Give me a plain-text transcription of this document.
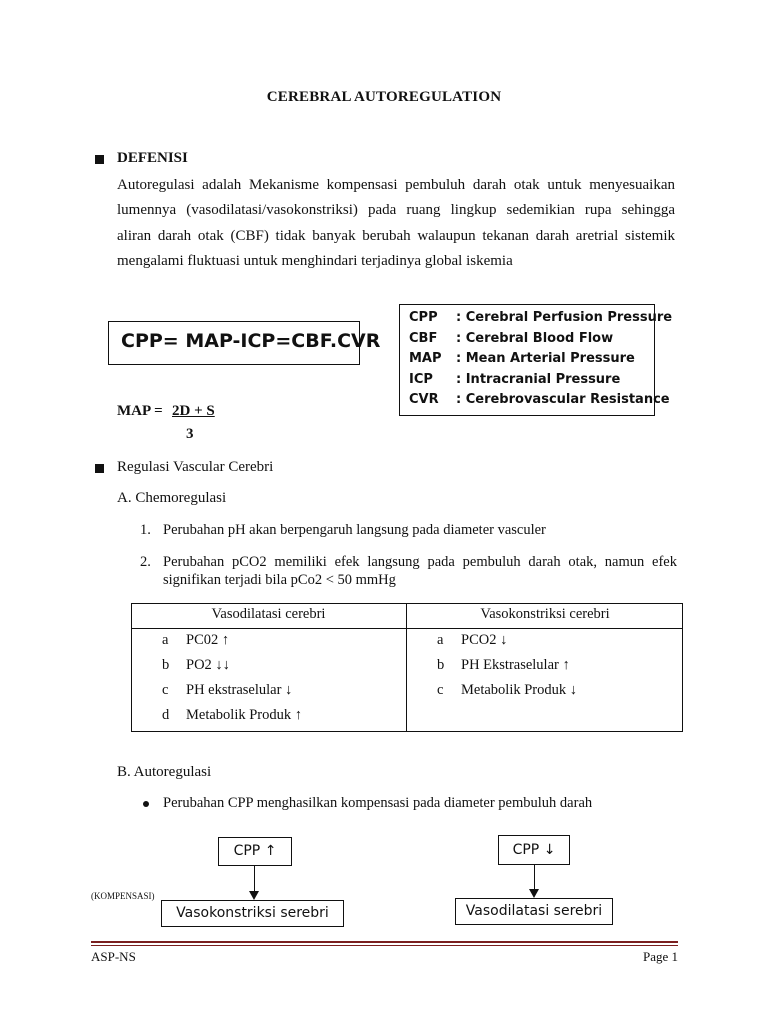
CEREBRAL AUTOREGULATION
DEFENISI
Autoregulasi adalah Mekanisme kompensasi pembuluh darah otak untuk menyesuaikan
lumennya (vasodilatasi/vasokonstriksi) pada ruang lingkup sedemikian rupa sehingga
aliran darah otak (CBF) tidak banyak berubah walaupun tekanan darah aretrial sistemik
mengalami fluktuasi untuk menghindari terjadinya global iskemia
CPP= MAP-ICP=CBF.CVR
CPP : Cerebral Perfusion Pressure
CBF : Cerebral Blood Flow
MAP : Mean Arterial Pressure
ICP : Intracranial Pressure
CVR : Cerebrovascular Resistance
MAP = 2D + S
3
Regulasi Vascular Cerebri
A. Chemoregulasi
1. Perubahan pH akan berpengaruh langsung pada diameter vasculer
2. Perubahan pCO2 memiliki efek langsung pada pembuluh darah otak, namun efek
signifikan terjadi bila pCo2 < 50 mmHg
Vasodilatasi cerebri	Vasokonstriksi cerebri
a PC02 ↑
b PO2 ↓↓
c PH ekstraselular ↓
d Metabolik Produk ↑
a PCO2 ↓
b PH Ekstraselular ↑
c Metabolik Produk ↓
B. Autoregulasi
Perubahan CPP menghasilkan kompensasi pada diameter pembuluh darah
CPP ↑
Vasokonstriksi serebri
CPP ↓
Vasodilatasi serebri
(KOMPENSASI)
ASP-NS	Page 1
